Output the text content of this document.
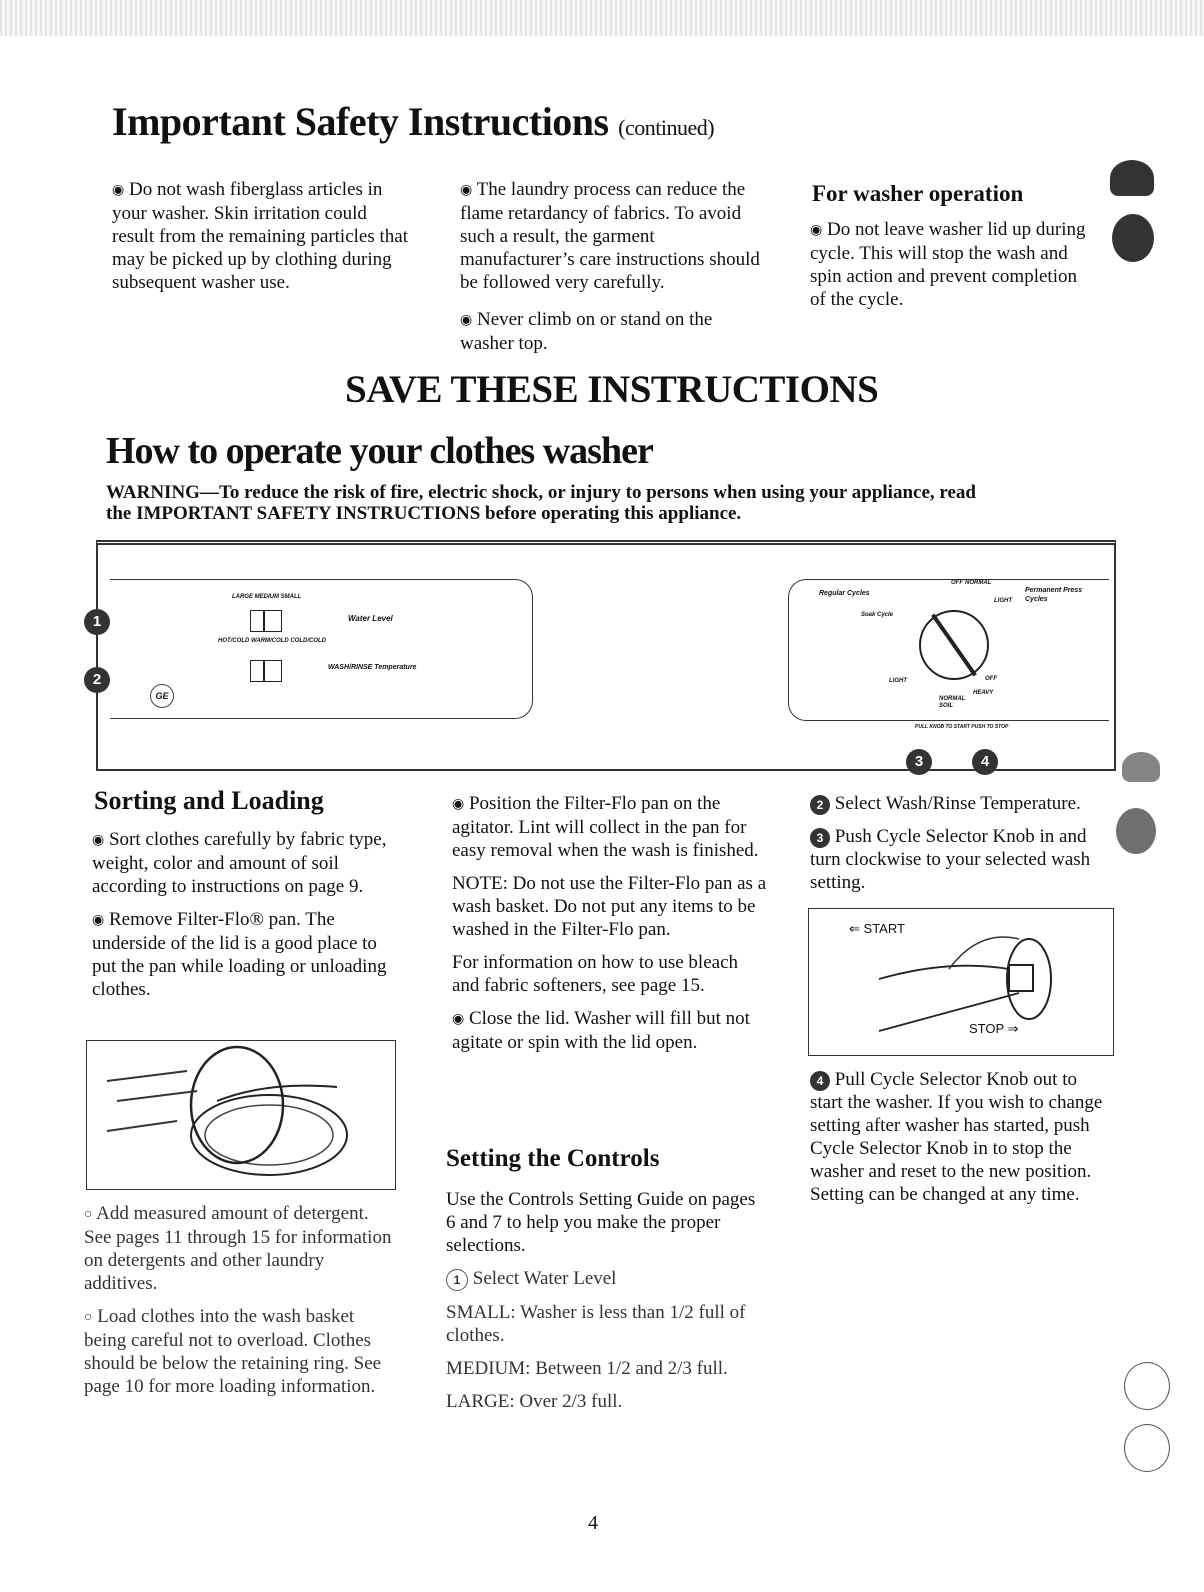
Important Safety Instructions (continued)

◉ Do not wash fiberglass articles in your washer. Skin irritation could result from the remaining particles that may be picked up by clothing during subsequent washer use.

◉ The laundry process can reduce the flame retardancy of fabrics. To avoid such a result, the garment manufacturer’s care instructions should be followed very carefully.

◉ Never climb on or stand on the washer top.

For washer operation

◉ Do not leave washer lid up during cycle. This will stop the wash and spin action and prevent completion of the cycle.

SAVE THESE INSTRUCTIONS
How to operate your clothes washer
WARNING—To reduce the risk of fire, electric shock, or injury to persons when using your appliance, read the IMPORTANT SAFETY INSTRUCTIONS before operating this appliance.
LARGE MEDIUM SMALL
Water Level
HOT/COLD WARM/COLD COLD/COLD
WASH/RINSE Temperature
GE
Regular Cycles
Soak Cycle
OFF NORMAL
LIGHT
Permanent Press Cycles
LIGHT
NORMAL SOIL
HEAVY
OFF
PULL KNOB TO START PUSH TO STOP
1
2
3	4
Sorting and Loading

◉ Sort clothes carefully by fabric type, weight, color and amount of soil according to instructions on page 9.

◉ Remove Filter-Flo® pan. The underside of the lid is a good place to put the pan while loading or unloading clothes.

○ Add measured amount of detergent. See pages 11 through 15 for information on detergents and other laundry additives.

○ Load clothes into the wash basket being careful not to overload. Clothes should be below the retaining ring. See page 10 for more loading information.

◉ Position the Filter-Flo pan on the agitator. Lint will collect in the pan for easy removal when the wash is finished.

NOTE: Do not use the Filter-Flo pan as a wash basket. Do not put any items to be washed in the Filter-Flo pan.

For information on how to use bleach and fabric softeners, see page 15.

◉ Close the lid. Washer will fill but not agitate or spin with the lid open.

Setting the Controls

Use the Controls Setting Guide on pages 6 and 7 to help you make the proper selections.

1 Select Water Level

SMALL: Washer is less than 1/2 full of clothes.

MEDIUM: Between 1/2 and 2/3 full.

LARGE: Over 2/3 full.

2 Select Wash/Rinse Temperature.

3 Push Cycle Selector Knob in and turn clockwise to your selected wash setting.

⇐ START
STOP ⇒

4 Pull Cycle Selector Knob out to start the washer. If you wish to change setting after washer has started, push Cycle Selector Knob in to stop the washer and reset to the new position. Setting can be changed at any time.

4
